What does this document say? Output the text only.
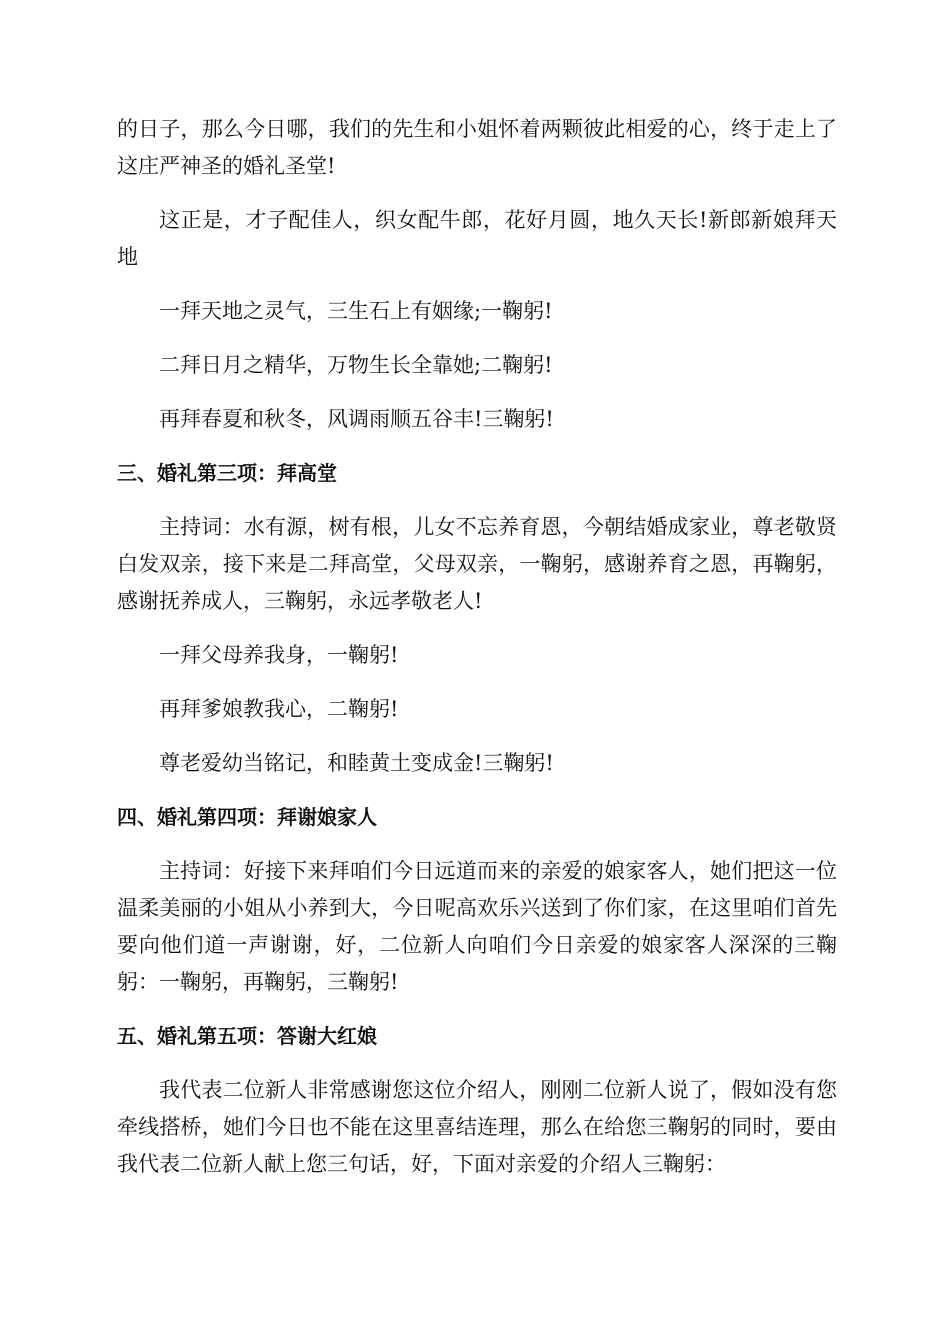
的日子，那么今日哪，我们的先生和小姐怀着两颗彼此相爱的心，终于走上了这庄严神圣的婚礼圣堂!

这正是，才子配佳人，织女配牛郎，花好月圆，地久天长!新郎新娘拜天地

一拜天地之灵气，三生石上有姻缘;一鞠躬!

二拜日月之精华，万物生长全靠她;二鞠躬!

再拜春夏和秋冬，风调雨顺五谷丰!三鞠躬!

三、婚礼第三项：拜高堂

主持词：水有源，树有根，儿女不忘养育恩，今朝结婚成家业，尊老敬贤白发双亲，接下来是二拜高堂，父母双亲，一鞠躬，感谢养育之恩，再鞠躬，感谢抚养成人，三鞠躬，永远孝敬老人!

一拜父母养我身，一鞠躬!

再拜爹娘教我心，二鞠躬!

尊老爱幼当铭记，和睦黄土变成金!三鞠躬!

四、婚礼第四项：拜谢娘家人

主持词：好接下来拜咱们今日远道而来的亲爱的娘家客人，她们把这一位温柔美丽的小姐从小养到大，今日呢高欢乐兴送到了你们家，在这里咱们首先要向他们道一声谢谢，好，二位新人向咱们今日亲爱的娘家客人深深的三鞠躬：一鞠躬，再鞠躬，三鞠躬!

五、婚礼第五项：答谢大红娘

我代表二位新人非常感谢您这位介绍人，刚刚二位新人说了，假如没有您牵线搭桥，她们今日也不能在这里喜结连理，那么在给您三鞠躬的同时，要由我代表二位新人献上您三句话，好，下面对亲爱的介绍人三鞠躬：
